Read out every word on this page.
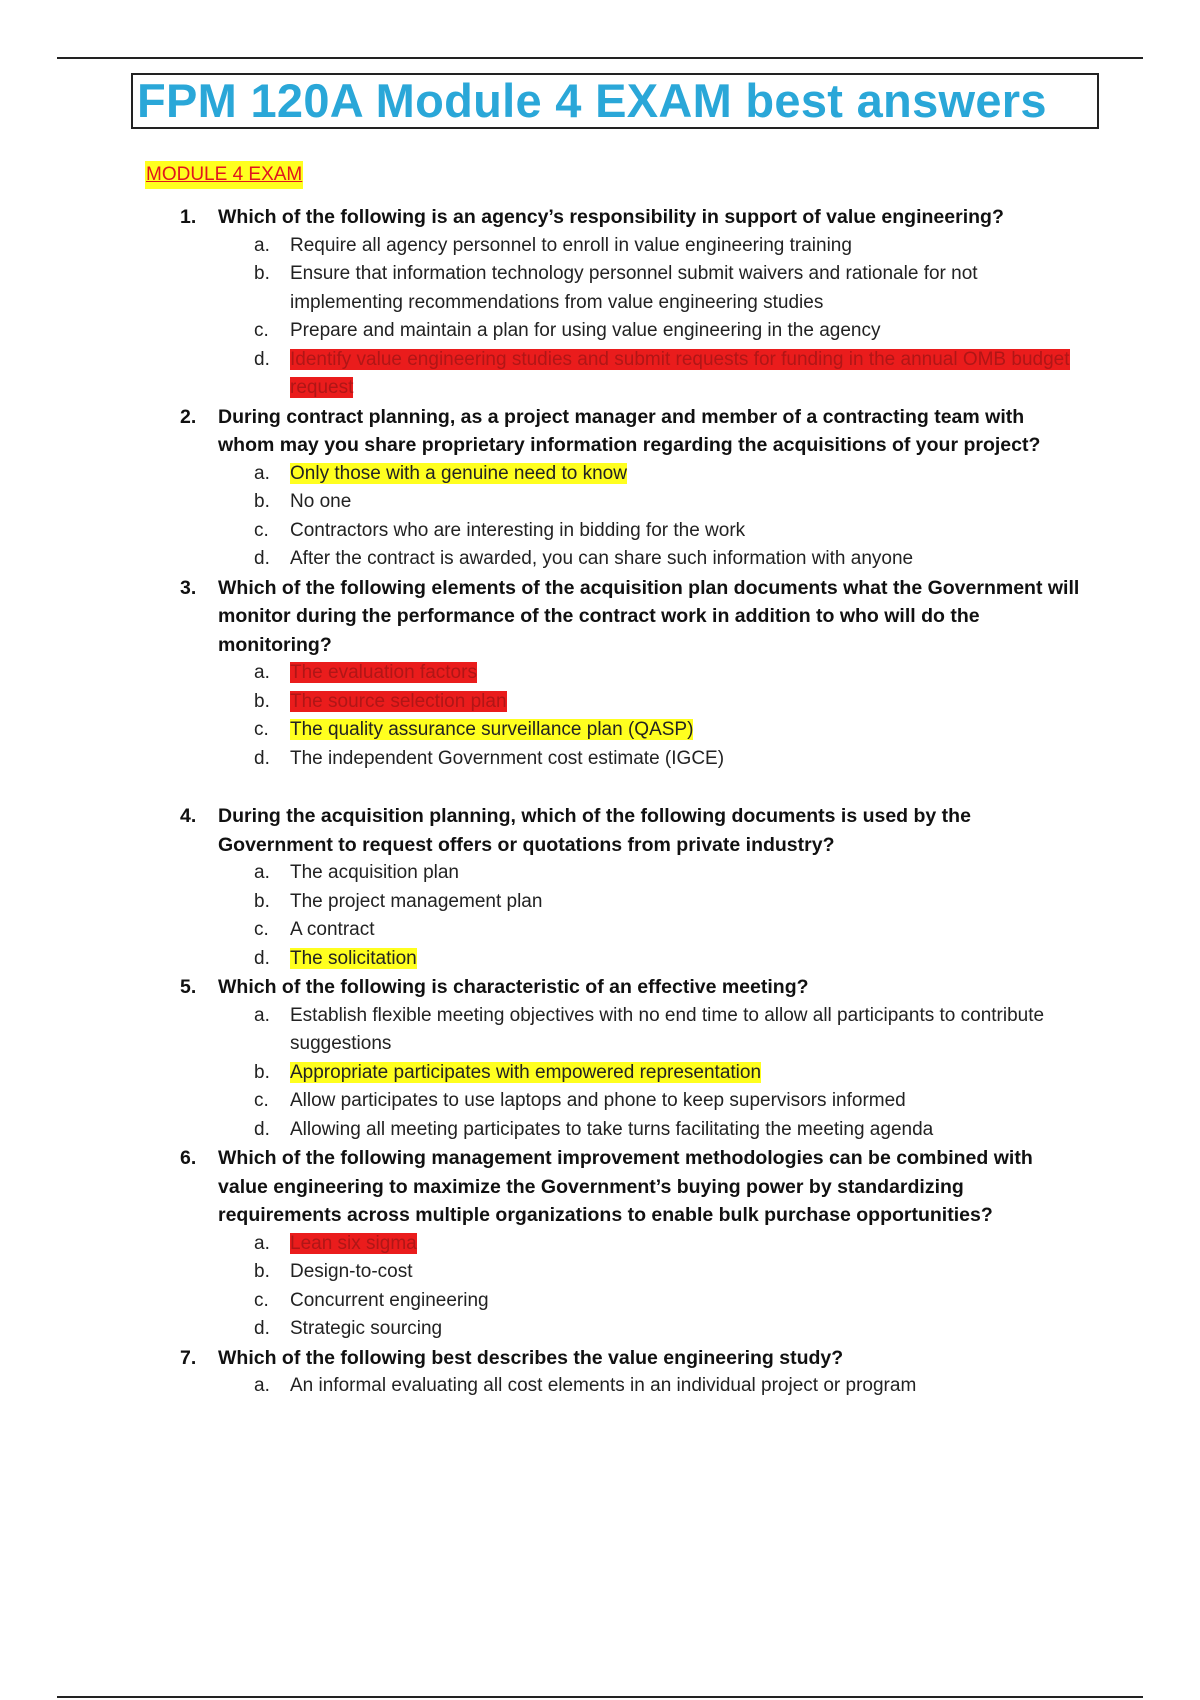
FPM 120A Module 4 EXAM best answers
MODULE 4 EXAM
1. Which of the following is an agency’s responsibility in support of value engineering?
a. Require all agency personnel to enroll in value engineering training
b. Ensure that information technology personnel submit waivers and rationale for not implementing recommendations from value engineering studies
c. Prepare and maintain a plan for using value engineering in the agency
d. Identify value engineering studies and submit requests for funding in the annual OMB budget request
2. During contract planning, as a project manager and member of a contracting team with whom may you share proprietary information regarding the acquisitions of your project?
a. Only those with a genuine need to know
b. No one
c. Contractors who are interesting in bidding for the work
d. After the contract is awarded, you can share such information with anyone
3. Which of the following elements of the acquisition plan documents what the Government will monitor during the performance of the contract work in addition to who will do the monitoring?
a. The evaluation factors
b. The source selection plan
c. The quality assurance surveillance plan (QASP)
d. The independent Government cost estimate (IGCE)
4. During the acquisition planning, which of the following documents is used by the Government to request offers or quotations from private industry?
a. The acquisition plan
b. The project management plan
c. A contract
d. The solicitation
5. Which of the following is characteristic of an effective meeting?
a. Establish flexible meeting objectives with no end time to allow all participants to contribute suggestions
b. Appropriate participates with empowered representation
c. Allow participates to use laptops and phone to keep supervisors informed
d. Allowing all meeting participates to take turns facilitating the meeting agenda
6. Which of the following management improvement methodologies can be combined with value engineering to maximize the Government’s buying power by standardizing requirements across multiple organizations to enable bulk purchase opportunities?
a. Lean six sigma
b. Design-to-cost
c. Concurrent engineering
d. Strategic sourcing
7. Which of the following best describes the value engineering study?
a. An informal evaluating all cost elements in an individual project or program
